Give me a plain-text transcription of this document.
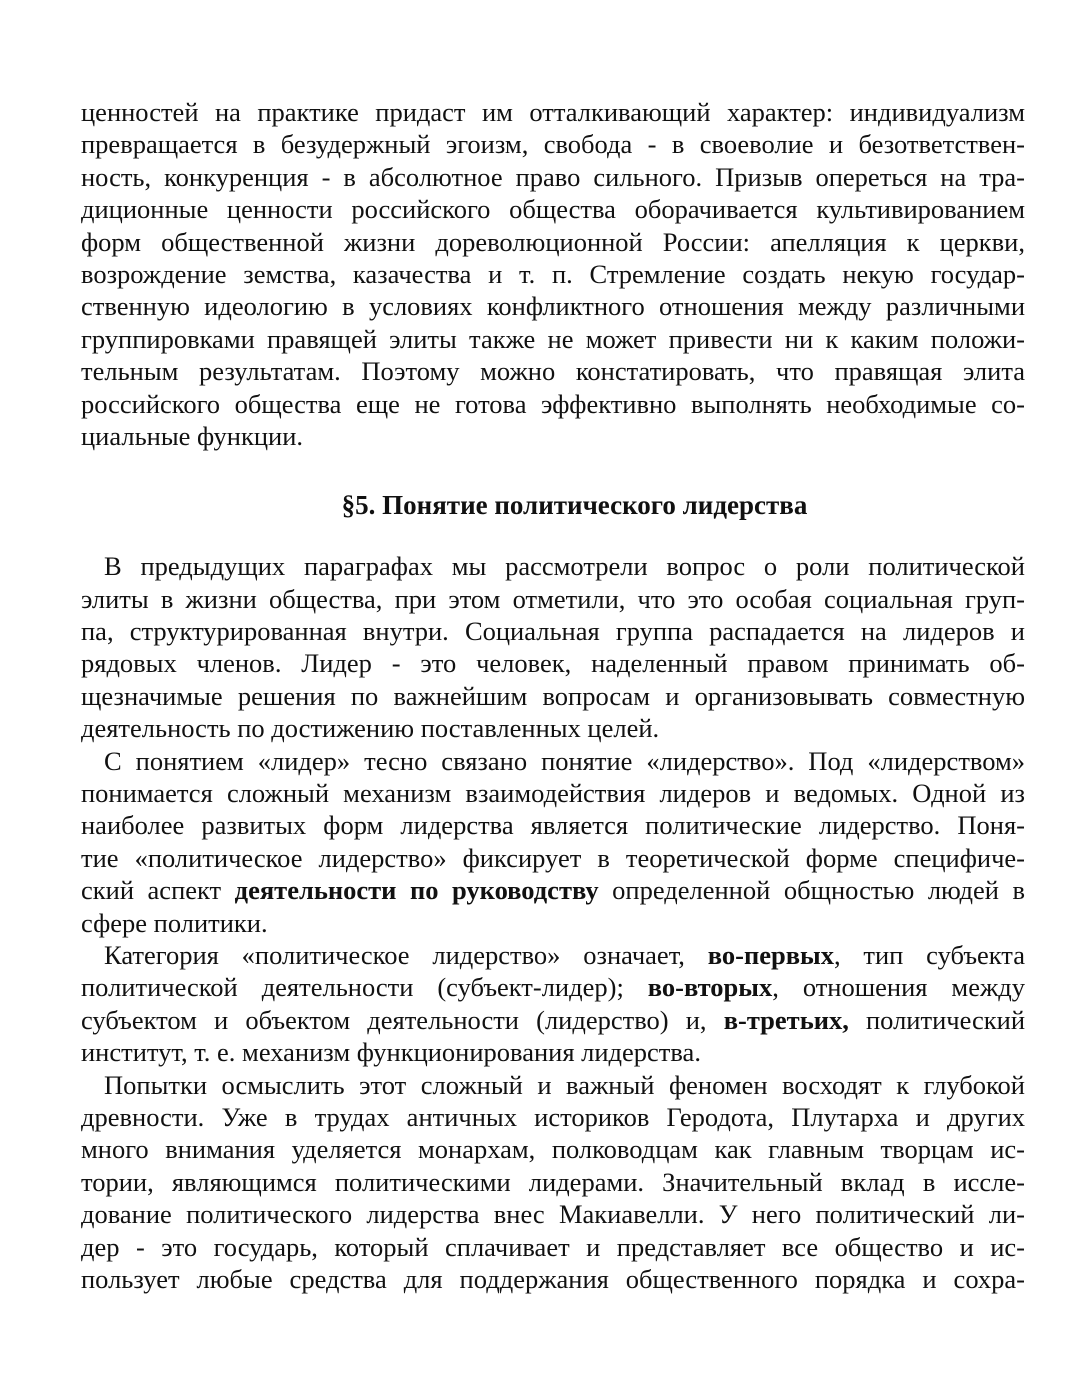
ценностей на практике придаст им отталкивающий характер: индивидуализм
превращается в безудержный эгоизм, свобода - в своеволие и безответствен-
ность, конкуренция - в абсолютное право сильного. Призыв опереться на тра-
диционные ценности российского общества оборачивается культивированием
форм общественной жизни дореволюционной России: апелляция к церкви,
возрождение земства, казачества и т. п. Стремление создать некую государ-
ственную идеологию в условиях конфликтного отношения между различными
группировками правящей элиты также не может привести ни к каким положи-
тельным результатам. Поэтому можно констатировать, что правящая элита
российского общества еще не готова эффективно выполнять необходимые со-
циальные функции.
§5. Понятие политического лидерства
В предыдущих параграфах мы рассмотрели вопрос о роли политической
элиты в жизни общества, при этом отметили, что это особая социальная груп-
па, структурированная внутри. Социальная группа распадается на лидеров и
рядовых членов. Лидер - это человек, наделенный правом принимать об-
щезначимые решения по важнейшим вопросам и организовывать совместную
деятельность по достижению поставленных целей.
С понятием «лидер» тесно связано понятие «лидерство». Под «лидерством»
понимается сложный механизм взаимодействия лидеров и ведомых. Одной из
наиболее развитых форм лидерства является политические лидерство. Поня-
тие «политическое лидерство» фиксирует в теоретической форме специфиче-
ский аспект деятельности по руководству определенной общностью людей в
сфере политики.
Категория «политическое лидерство» означает, во-первых, тип субъекта
политической деятельности (субъект-лидер); во-вторых, отношения между
субъектом и объектом деятельности (лидерство) и, в-третьих, политический
институт, т. е. механизм функционирования лидерства.
Попытки осмыслить этот сложный и важный феномен восходят к глубокой
древности. Уже в трудах античных историков Геродота, Плутарха и других
много внимания уделяется монархам, полководцам как главным творцам ис-
тории, являющимся политическими лидерами. Значительный вклад в иссле-
дование политического лидерства внес Макиавелли. У него политический ли-
дер - это государь, который сплачивает и представляет все общество и ис-
пользует любые средства для поддержания общественного порядка и сохра-
